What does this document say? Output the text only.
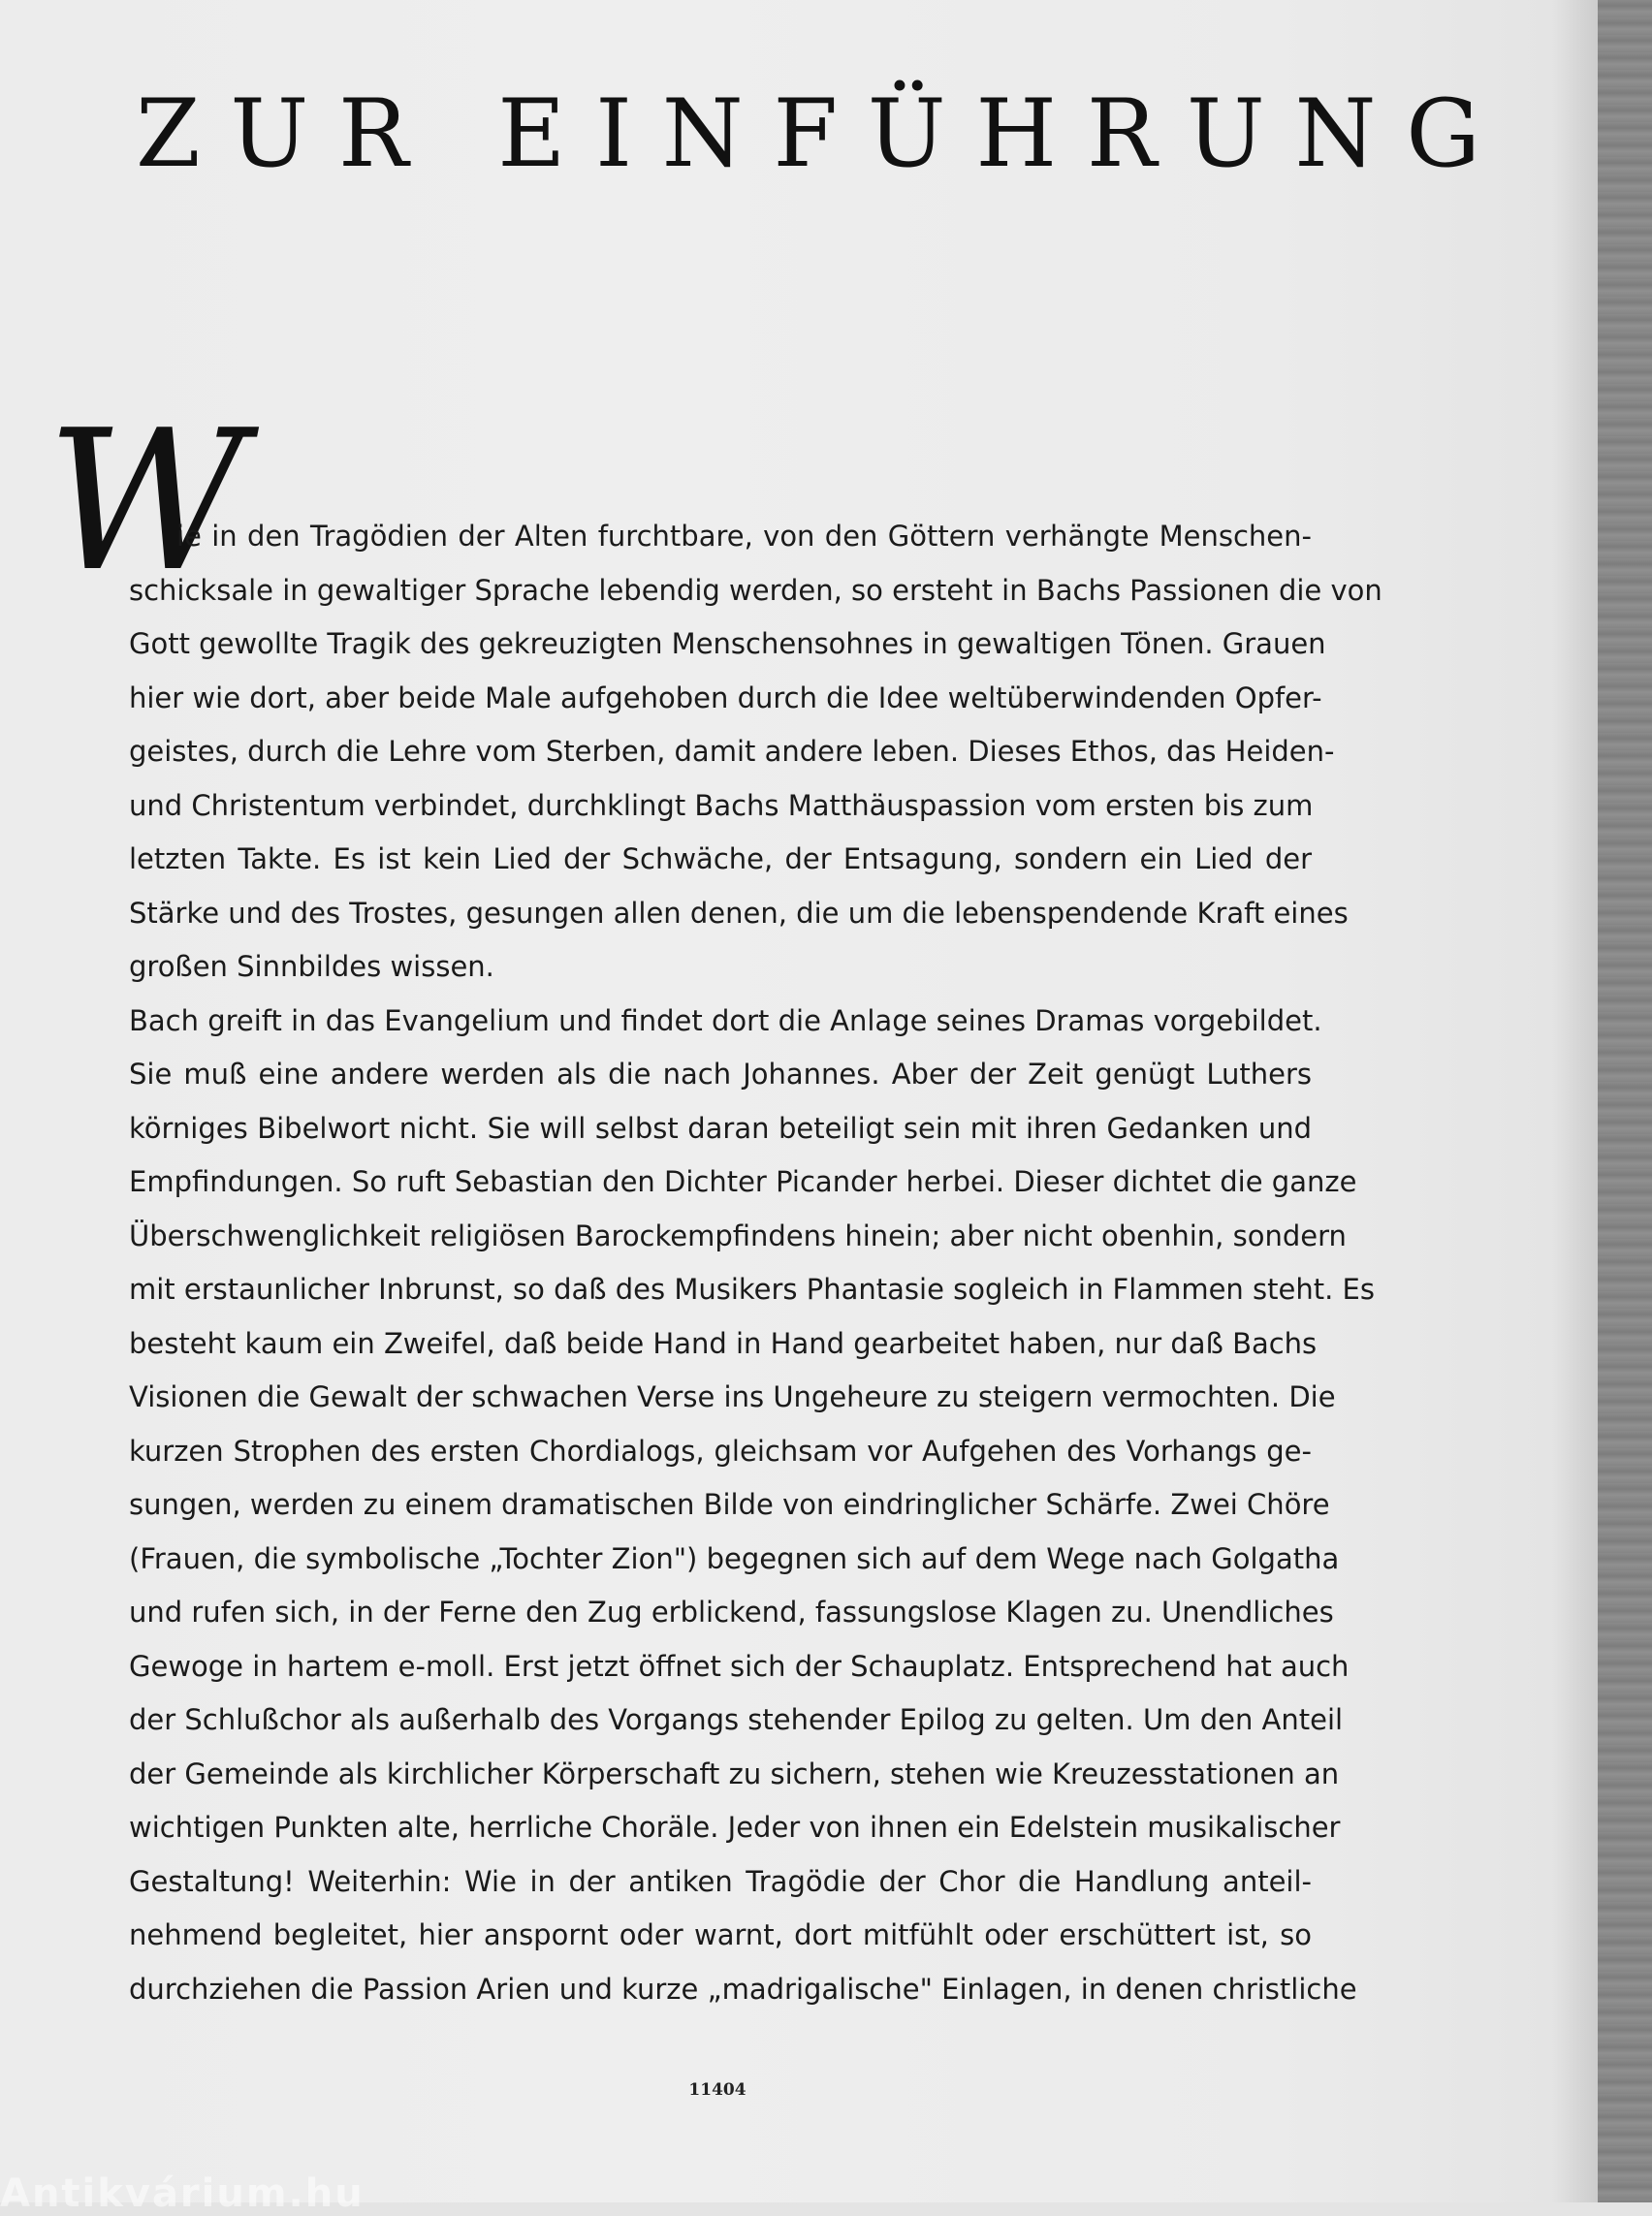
ZUR EINFÜHRUNG
W
ie in den Tragödien der Alten furchtbare, von den Göttern verhängte Menschen-
schicksale in gewaltiger Sprache lebendig werden, so ersteht in Bachs Passionen die von
Gott gewollte Tragik des gekreuzigten Menschensohnes in gewaltigen Tönen. Grauen
hier wie dort, aber beide Male aufgehoben durch die Idee weltüberwindenden Opfer-
geistes, durch die Lehre vom Sterben, damit andere leben. Dieses Ethos, das Heiden-
und Christentum verbindet, durchklingt Bachs Matthäuspassion vom ersten bis zum
letzten Takte. Es ist kein Lied der Schwäche, der Entsagung, sondern ein Lied der
Stärke und des Trostes, gesungen allen denen, die um die lebenspendende Kraft eines
großen Sinnbildes wissen.
Bach greift in das Evangelium und findet dort die Anlage seines Dramas vorgebildet.
Sie muß eine andere werden als die nach Johannes. Aber der Zeit genügt Luthers
körniges Bibelwort nicht. Sie will selbst daran beteiligt sein mit ihren Gedanken und
Empfindungen. So ruft Sebastian den Dichter Picander herbei. Dieser dichtet die ganze
Überschwenglichkeit religiösen Barockempfindens hinein; aber nicht obenhin, sondern
mit erstaunlicher Inbrunst, so daß des Musikers Phantasie sogleich in Flammen steht. Es
besteht kaum ein Zweifel, daß beide Hand in Hand gearbeitet haben, nur daß Bachs
Visionen die Gewalt der schwachen Verse ins Ungeheure zu steigern vermochten. Die
kurzen Strophen des ersten Chordialogs, gleichsam vor Aufgehen des Vorhangs ge-
sungen, werden zu einem dramatischen Bilde von eindringlicher Schärfe. Zwei Chöre
(Frauen, die symbolische „Tochter Zion") begegnen sich auf dem Wege nach Golgatha
und rufen sich, in der Ferne den Zug erblickend, fassungslose Klagen zu. Unendliches
Gewoge in hartem e-moll. Erst jetzt öffnet sich der Schauplatz. Entsprechend hat auch
der Schlußchor als außerhalb des Vorgangs stehender Epilog zu gelten. Um den Anteil
der Gemeinde als kirchlicher Körperschaft zu sichern, stehen wie Kreuzesstationen an
wichtigen Punkten alte, herrliche Choräle. Jeder von ihnen ein Edelstein musikalischer
Gestaltung! Weiterhin: Wie in der antiken Tragödie der Chor die Handlung anteil-
nehmend begleitet, hier anspornt oder warnt, dort mitfühlt oder erschüttert ist, so
durchziehen die Passion Arien und kurze „madrigalische" Einlagen, in denen christliche
11404
Antikvárium.hu
